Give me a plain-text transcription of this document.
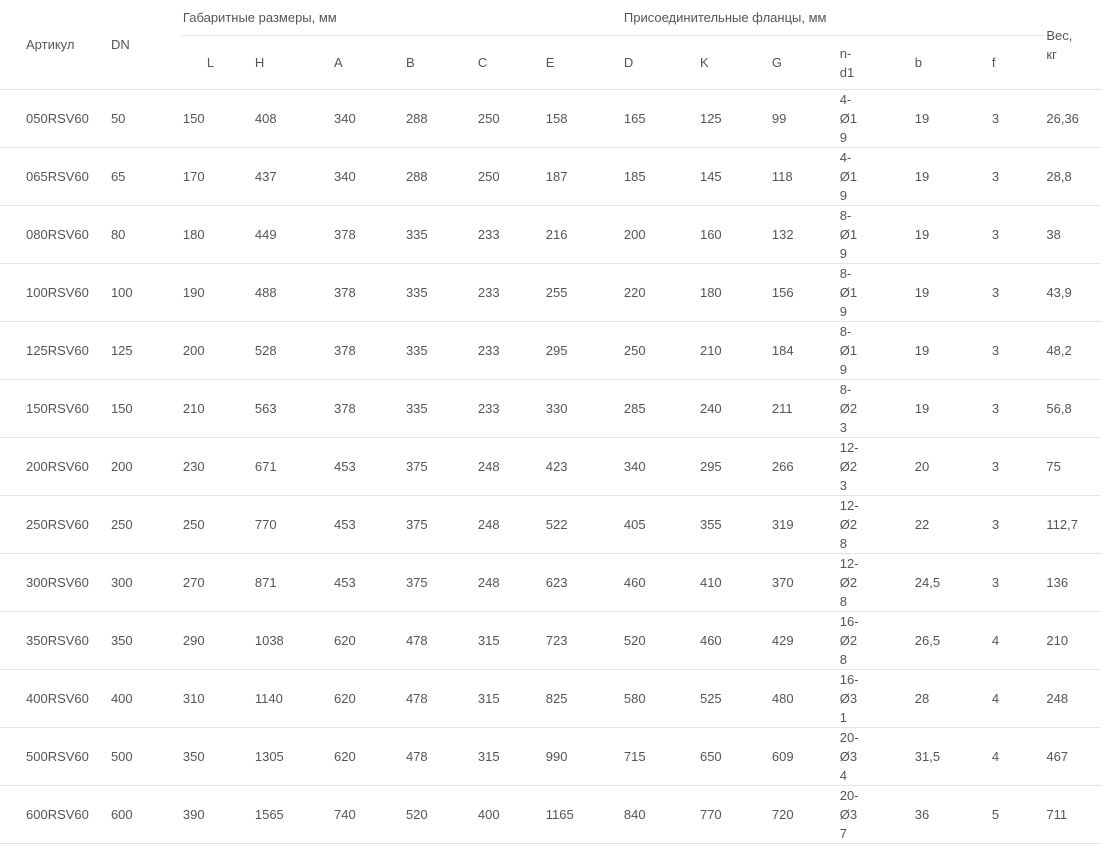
Артикул	DN	Габаритные размеры, мм						Присоединительные фланцы, мм						Вес, кг

		L	H	A	B	C	E	D	K	G	n-
d1	b	f	
050RSV60	50	150	408	340	288	250	158	165	125	99	4-
Ø19	19	3	26,36
065RSV60	65	170	437	340	288	250	187	185	145	118	4-
Ø19	19	3	28,8
080RSV60	80	180	449	378	335	233	216	200	160	132	8-
Ø19	19	3	38
100RSV60	100	190	488	378	335	233	255	220	180	156	8-
Ø19	19	3	43,9
125RSV60	125	200	528	378	335	233	295	250	210	184	8-
Ø19	19	3	48,2
150RSV60	150	210	563	378	335	233	330	285	240	211	8-
Ø23	19	3	56,8
200RSV60	200	230	671	453	375	248	423	340	295	266	12-
Ø23	20	3	75
250RSV60	250	250	770	453	375	248	522	405	355	319	12-
Ø28	22	3	112,7
300RSV60	300	270	871	453	375	248	623	460	410	370	12-
Ø28	24,5	3	136
350RSV60	350	290	1038	620	478	315	723	520	460	429	16-
Ø28	26,5	4	210
400RSV60	400	310	1140	620	478	315	825	580	525	480	16-
Ø31	28	4	248
500RSV60	500	350	1305	620	478	315	990	715	650	609	20-
Ø34	31,5	4	467
600RSV60	600	390	1565	740	520	400	1165	840	770	720	20-
Ø37	36	5	711
